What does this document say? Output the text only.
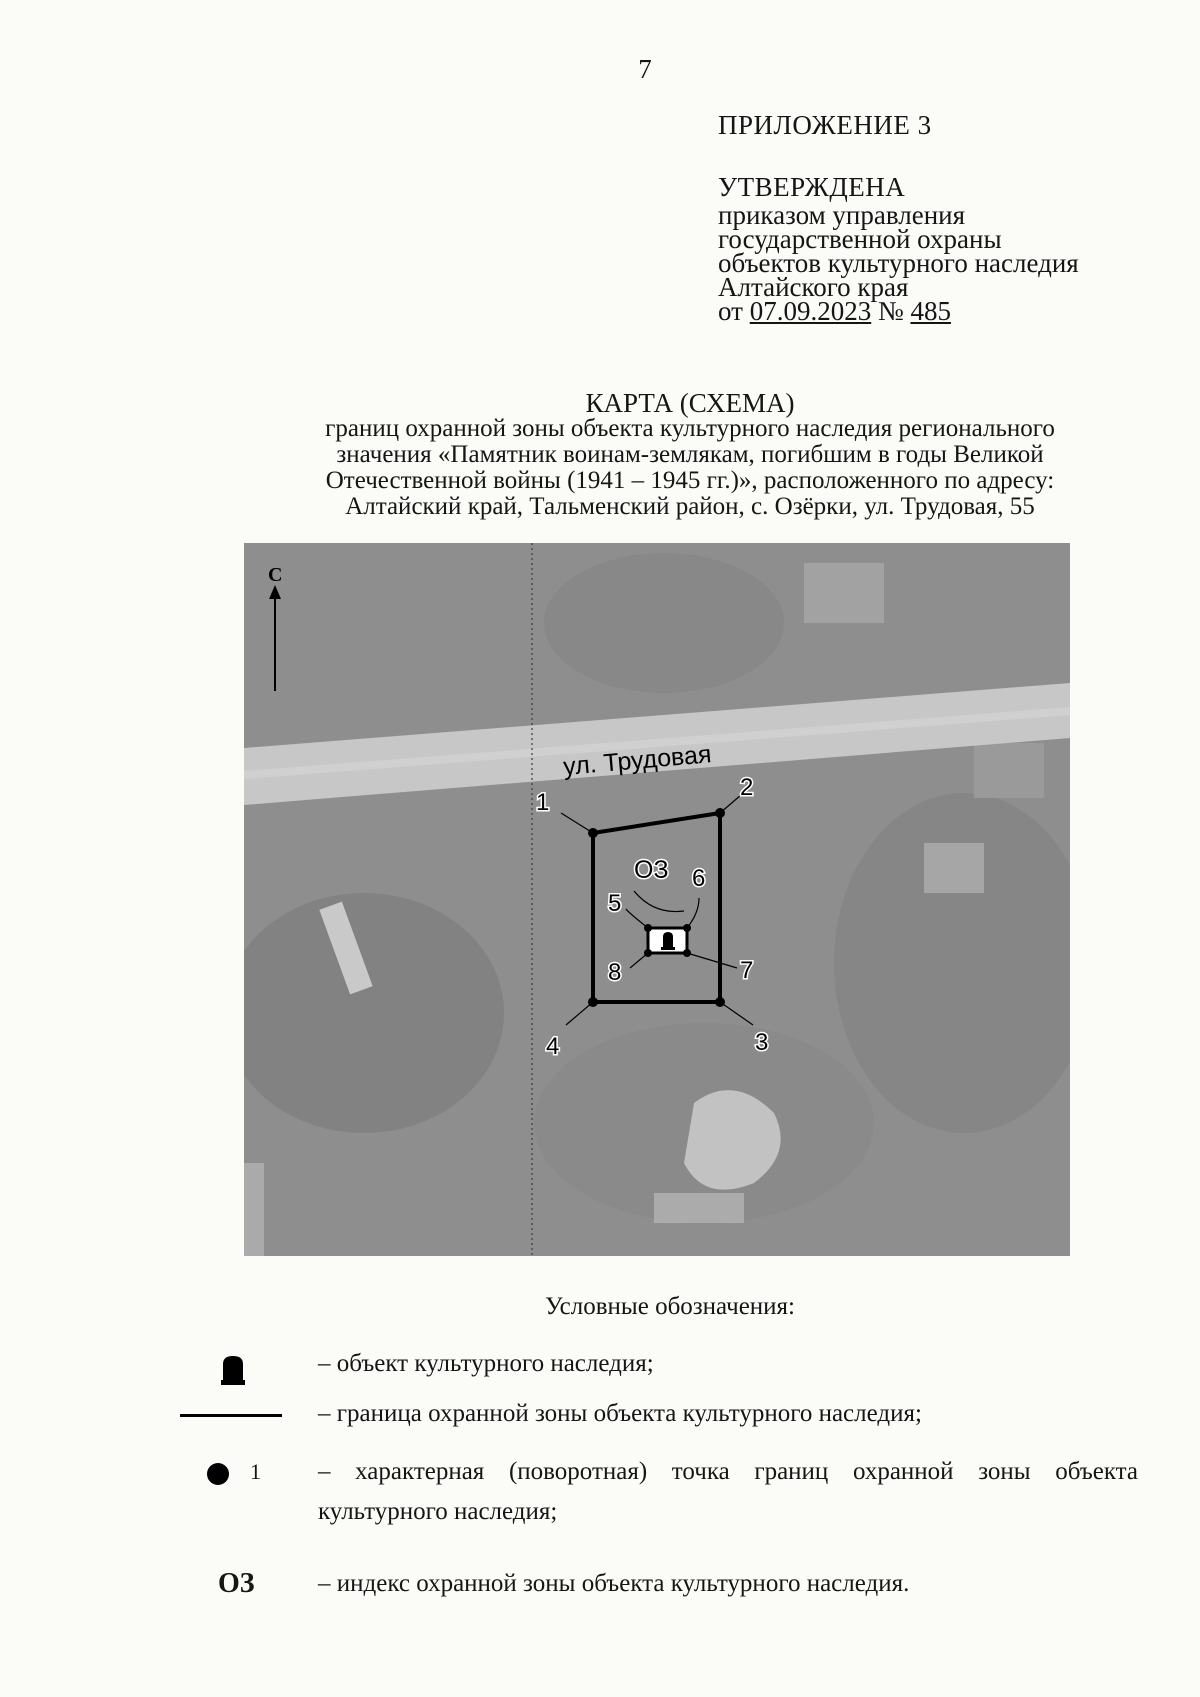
7
ПРИЛОЖЕНИЕ 3
УТВЕРЖДЕНА
приказом управления
государственной охраны
объектов культурного наследия
Алтайского края
от 07.09.2023 № 485
КАРТА (СХЕМА)
границ охранной зоны объекта культурного наследия регионального
значения «Памятник воинам-землякам, погибшим в годы Великой
Отечественной войны (1941 – 1945 гг.)», расположенного по адресу:
Алтайский край, Тальменский район, с. Озёрки, ул. Трудовая, 55
С
ул. Трудовая
1
2
3
4
5
6
7
8
ОЗ
Условные обозначения:
– объект культурного наследия;
– граница охранной зоны объекта культурного наследия;
1 – характерная (поворотная) точка границ охранной зоны объекта
культурного наследия;
ОЗ	– индекс охранной зоны объекта культурного наследия.
